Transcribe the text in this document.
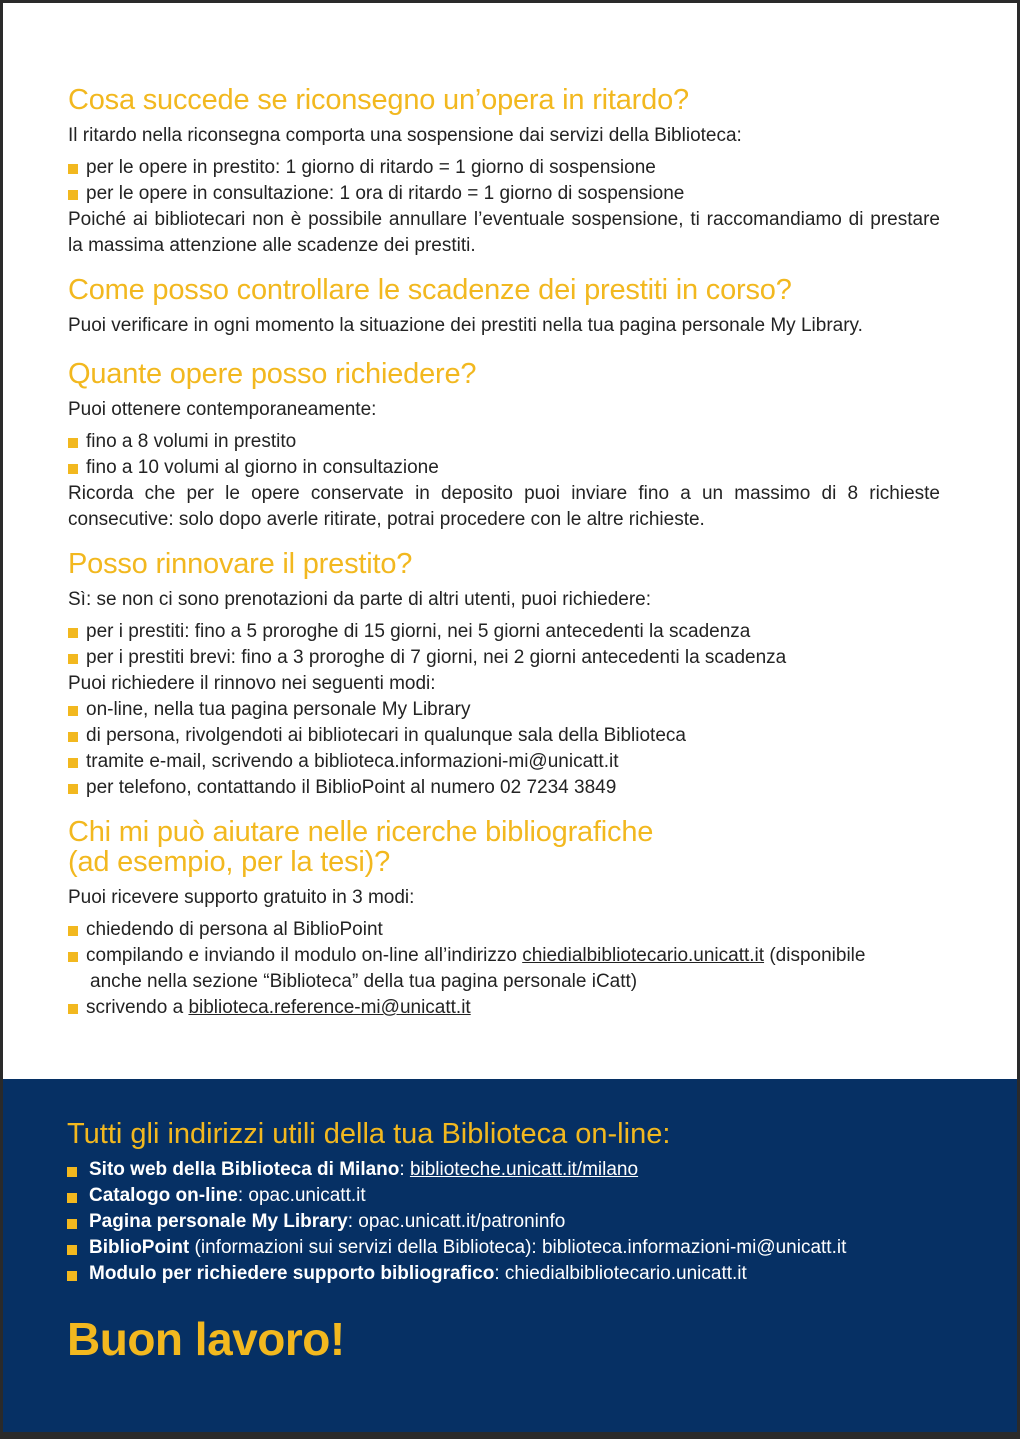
Cosa succede se riconsegno un’opera in ritardo?

Il ritardo nella riconsegna comporta una sospensione dai servizi della Biblioteca:

per le opere in prestito: 1 giorno di ritardo = 1 giorno di sospensione
per le opere in consultazione: 1 ora di ritardo = 1 giorno di sospensione

Poiché ai bibliotecari non è possibile annullare l’eventuale sospensione, ti raccomandiamo di prestare la massima attenzione alle scadenze dei prestiti.

Come posso controllare le scadenze dei prestiti in corso?

Puoi verificare in ogni momento la situazione dei prestiti nella tua pagina personale My Library.

Quante opere posso richiedere?

Puoi ottenere contemporaneamente:

fino a 8 volumi in prestito
fino a 10 volumi al giorno in consultazione

Ricorda che per le opere conservate in deposito puoi inviare fino a un massimo di 8 richieste consecutive: solo dopo averle ritirate, potrai procedere con le altre richieste.

Posso rinnovare il prestito?

Sì: se non ci sono prenotazioni da parte di altri utenti, puoi richiedere:

per i prestiti: fino a 5 proroghe di 15 giorni, nei 5 giorni antecedenti la scadenza
per i prestiti brevi: fino a 3 proroghe di 7 giorni, nei 2 giorni antecedenti la scadenza

Puoi richiedere il rinnovo nei seguenti modi:

on-line, nella tua pagina personale My Library
di persona, rivolgendoti ai bibliotecari in qualunque sala della Biblioteca
tramite e-mail, scrivendo a biblioteca.informazioni-mi@unicatt.it
per telefono, contattando il BiblioPoint al numero 02 7234 3849
Chi mi può aiutare nelle ricerche bibliografiche
(ad esempio, per la tesi)?

Puoi ricevere supporto gratuito in 3 modi:

chiedendo di persona al BiblioPoint
compilando e inviando il modulo on-line all’indirizzo chiedialbibliotecario.unicatt.it (disponibile
anche nella sezione “Biblioteca” della tua pagina personale iCatt)
scrivendo a biblioteca.reference-mi@unicatt.it
Tutti gli indirizzi utili della tua Biblioteca on-line:
Sito web della Biblioteca di Milano: biblioteche.unicatt.it/milano
Catalogo on-line: opac.unicatt.it
Pagina personale My Library: opac.unicatt.it/patroninfo
BiblioPoint (informazioni sui servizi della Biblioteca): biblioteca.informazioni-mi@unicatt.it
Modulo per richiedere supporto bibliografico: chiedialbibliotecario.unicatt.it

Buon lavoro!
